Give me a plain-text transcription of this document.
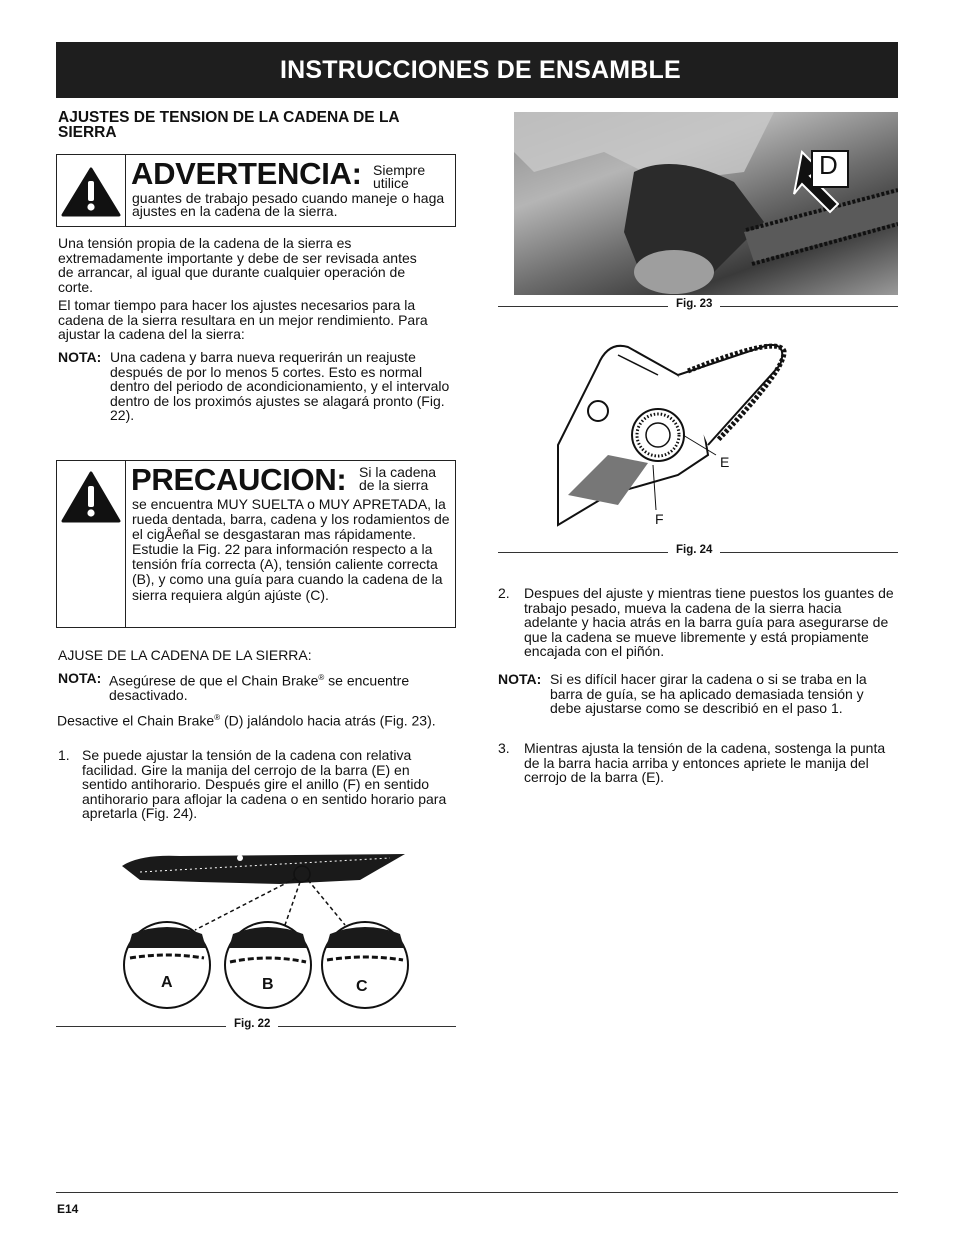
INSTRUCCIONES DE ENSAMBLE
AJUSTES DE TENSION DE LA CADENA DE LA SIERRA
ADVERTENCIA: Siempre utilice
guantes de trabajo pesado cuando maneje o haga ajustes en la cadena de la sierra.
Una tensión propia de la cadena de la sierra es extremadamente importante y debe de ser revisada antes de arrancar, al igual que durante cualquier operación de corte.
El tomar tiempo para hacer los ajustes necesarios para la cadena de la sierra resultara en un mejor rendimiento. Para ajustar la cadena del la sierra:
NOTA: Una cadena y barra nueva requerirán un reajuste después de por lo menos 5 cortes. Esto es normal dentro del periodo de acondicionamiento, y el intervalo dentro de los proximós ajustes se alagará pronto (Fig. 22).
PRECAUCION: Si la cadena de la sierra
se encuentra MUY SUELTA o MUY APRETADA, la rueda dentada, barra, cadena y los rodamientos de el cigÅeñal se desgastaran mas rápidamente. Estudie la Fig. 22 para información respecto a la tensión fría correcta (A), tensión caliente correcta (B), y como una guía para cuando la cadena de la sierra requiera algún ajúste (C).
AJUSE DE LA CADENA DE LA SIERRA:
NOTA: Asegúrese de que el Chain Brake® se encuentre desactivado.
Desactive el Chain Brake® (D) jalándolo hacia atrás (Fig. 23).
1. Se puede ajustar la tensión de la cadena con relativa facilidad. Gire la manija del cerrojo de la barra (E) en sentido antihorario. Después gire el anillo (F) en sentido antihorario para aflojar la cadena o en sentido horario para apretarla (Fig. 24).
A	B	C
Fig. 22
D
Fig. 23
E
F
Fig. 24
2. Despues del ajuste y mientras tiene puestos los guantes de trabajo pesado, mueva la cadena de la sierra hacia adelante y hacia atrás en la barra guía para asegurarse de que la cadena se mueve libremente y está propiamente encajada con el piñón.
NOTA: Si es difícil hacer girar la cadena o si se traba en la barra de guía, se ha aplicado demasiada tensión y debe ajustarse como se describió en el paso 1.
3. Mientras ajusta la tensión de la cadena, sostenga la punta de la barra hacia arriba y entonces apriete le manija del cerrojo de la barra (E).
E14
